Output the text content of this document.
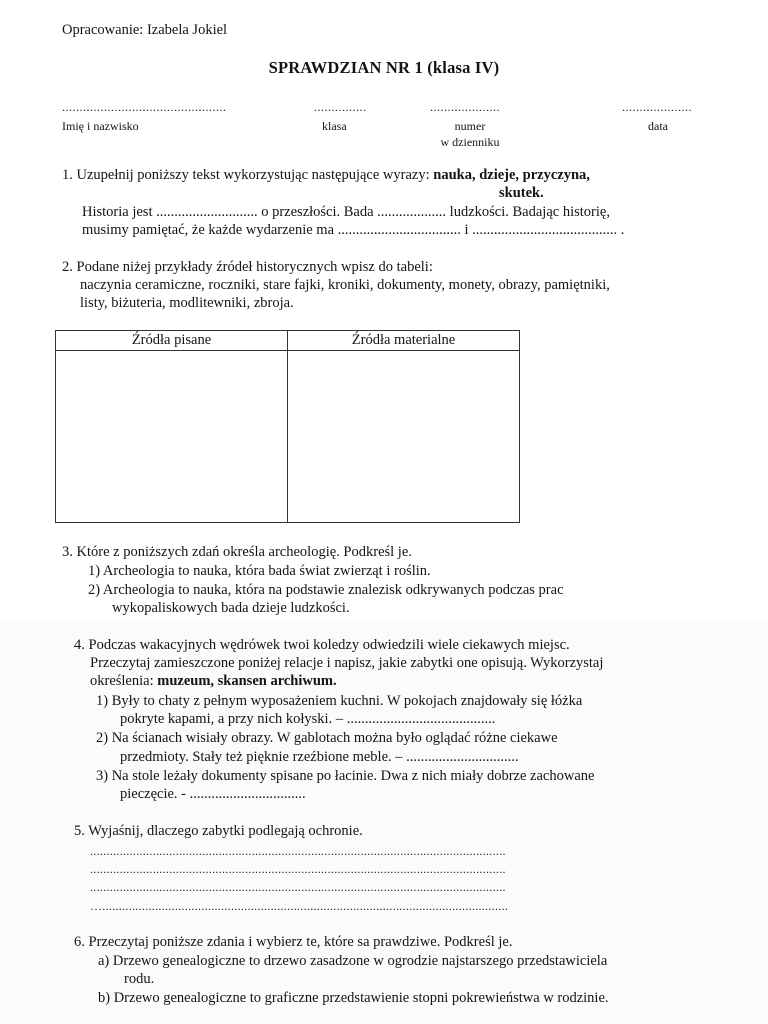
Opracowanie: Izabela Jokiel
SPRAWDZIAN NR 1 (klasa IV)
...............................................
Imię i nazwisko
...............
klasa
....................
numer
w dzienniku
....................
data
1. Uzupełnij poniższy tekst wykorzystując następujące wyrazy: nauka, dzieje, przyczyna,
skutek.
Historia jest ............................ o przeszłości. Bada ................... ludzkości. Badając historię,
musimy pamiętać, że każde wydarzenie ma .................................. i ........................................ .
2. Podane niżej przykłady źródeł historycznych wpisz do tabeli:
naczynia ceramiczne, roczniki, stare fajki, kroniki, dokumenty, monety, obrazy, pamiętniki,
listy, biżuteria, modlitewniki, zbroja.
Źródła pisane	Źródła materialne

3. Które z poniższych zdań określa archeologię. Podkreśl je.
1) Archeologia to nauka, która bada świat zwierząt i roślin.
2) Archeologia to nauka, która na podstawie znalezisk odkrywanych podczas prac
wykopaliskowych bada dzieje ludzkości.
4. Podczas wakacyjnych wędrówek twoi koledzy odwiedzili wiele ciekawych miejsc.
Przeczytaj zamieszczone poniżej relacje i napisz, jakie zabytki one opisują. Wykorzystaj
określenia: muzeum, skansen archiwum.
1) Były to chaty z pełnym wyposażeniem kuchni. W pokojach znajdowały się łóżka
pokryte kapami, a przy nich kołyski. – .........................................
2) Na ścianach wisiały obrazy. W gablotach można było oglądać różne ciekawe
przedmioty. Stały też pięknie rzeźbione meble. – ...............................
3) Na stole leżały dokumenty spisane po łacinie. Dwa z nich miały dobrze zachowane
pieczęcie. - ................................
5. Wyjaśnij, dlaczego zabytki podlegają ochronie.
..............................................................................................................................
..............................................................................................................................
..............................................................................................................................
…...........................................................................................................................
6. Przeczytaj poniższe zdania i wybierz te, które sa prawdziwe. Podkreśl je.
a) Drzewo genealogiczne to drzewo zasadzone w ogrodzie najstarszego przedstawiciela
rodu.
b) Drzewo genealogiczne to graficzne przedstawienie stopni pokrewieństwa w rodzinie.
